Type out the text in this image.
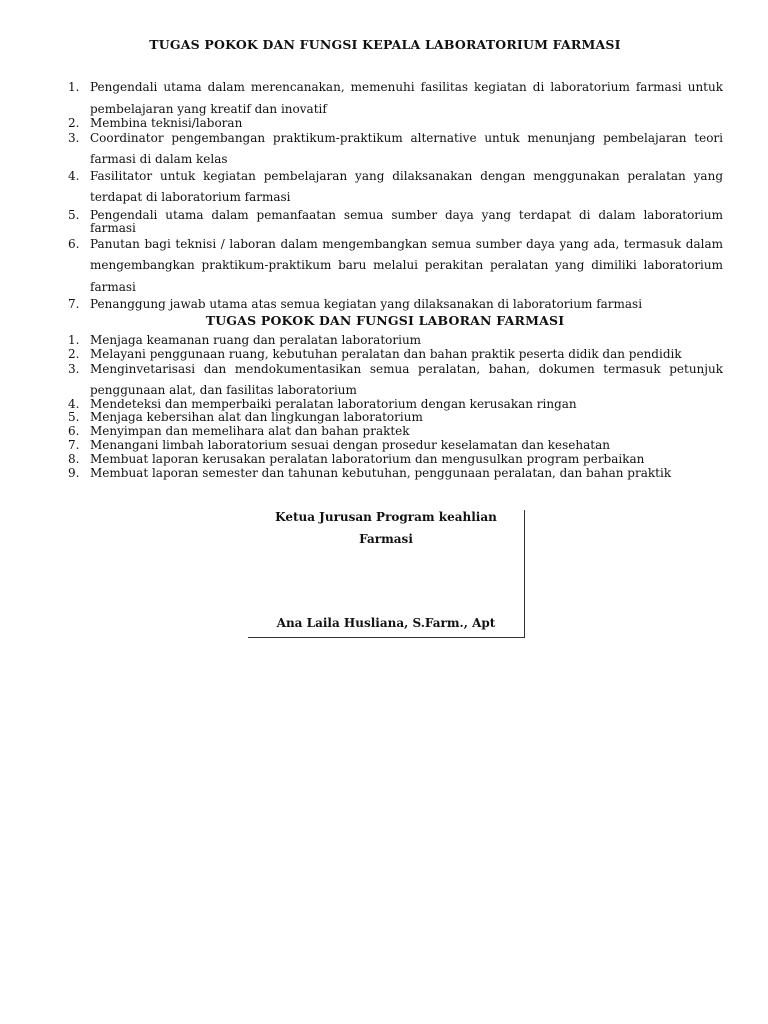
TUGAS POKOK DAN FUNGSI KEPALA LABORATORIUM FARMASI
1. Pengendali utama dalam merencanakan, memenuhi fasilitas kegiatan di laboratorium farmasi untuk pembelajaran yang kreatif dan inovatif
2. Membina teknisi/laboran
3. Coordinator pengembangan praktikum-praktikum alternative untuk menunjang pembelajaran teori farmasi di dalam kelas
4. Fasilitator untuk kegiatan pembelajaran yang dilaksanakan dengan menggunakan peralatan yang terdapat di laboratorium farmasi
5. Pengendali utama dalam pemanfaatan semua sumber daya yang terdapat di dalam laboratorium farmasi
6. Panutan bagi teknisi / laboran dalam mengembangkan semua sumber daya yang ada, termasuk dalam mengembangkan praktikum-praktikum baru melalui perakitan peralatan yang dimiliki laboratorium farmasi
7. Penanggung jawab utama atas semua kegiatan yang dilaksanakan di laboratorium farmasi
TUGAS POKOK DAN FUNGSI LABORAN FARMASI
1. Menjaga keamanan ruang dan peralatan laboratorium
2. Melayani penggunaan ruang, kebutuhan peralatan dan bahan praktik peserta didik dan pendidik
3. Menginvetarisasi dan mendokumentasikan semua peralatan, bahan, dokumen termasuk petunjuk penggunaan alat, dan fasilitas laboratorium
4. Mendeteksi dan memperbaiki peralatan laboratorium dengan kerusakan ringan
5. Menjaga kebersihan alat dan lingkungan laboratorium
6. Menyimpan dan memelihara alat dan bahan praktek
7. Menangani limbah laboratorium sesuai dengan prosedur keselamatan dan kesehatan
8. Membuat laporan kerusakan peralatan laboratorium dan mengusulkan program perbaikan
9. Membuat laporan semester dan tahunan kebutuhan, penggunaan peralatan, dan bahan praktik
Ketua Jurusan Program keahlian
Farmasi
Ana Laila Husliana, S.Farm., Apt
